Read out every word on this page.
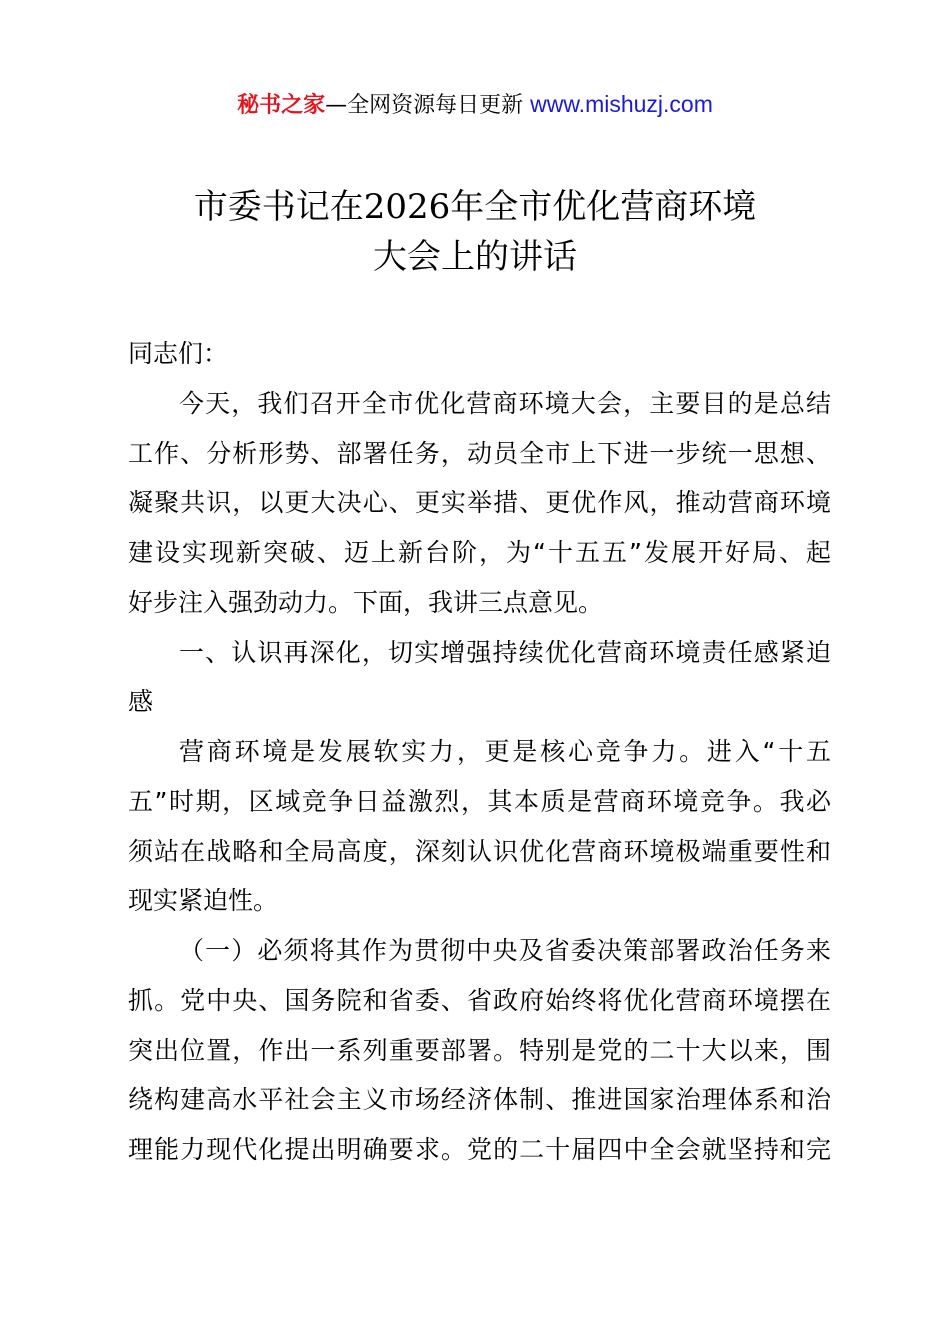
秘书之家—全网资源每日更新 www.mishuzj.com
市委书记在2026年全市优化营商环境
大会上的讲话
同志们：
今天，我们召开全市优化营商环境大会，主要目的是总结
工作、分析形势、部署任务，动员全市上下进一步统一思想、
凝聚共识，以更大决心、更实举措、更优作风，推动营商环境
建设实现新突破、迈上新台阶，为“十五五”发展开好局、起
好步注入强劲动力。下面，我讲三点意见。
一、认识再深化，切实增强持续优化营商环境责任感紧迫
感
营商环境是发展软实力，更是核心竞争力。进入“十五
五”时期，区域竞争日益激烈，其本质是营商环境竞争。我必
须站在战略和全局高度，深刻认识优化营商环境极端重要性和
现实紧迫性。
（一）必须将其作为贯彻中央及省委决策部署政治任务来
抓。党中央、国务院和省委、省政府始终将优化营商环境摆在
突出位置，作出一系列重要部署。特别是党的二十大以来，围
绕构建高水平社会主义市场经济体制、推进国家治理体系和治
理能力现代化提出明确要求。党的二十届四中全会就坚持和完
